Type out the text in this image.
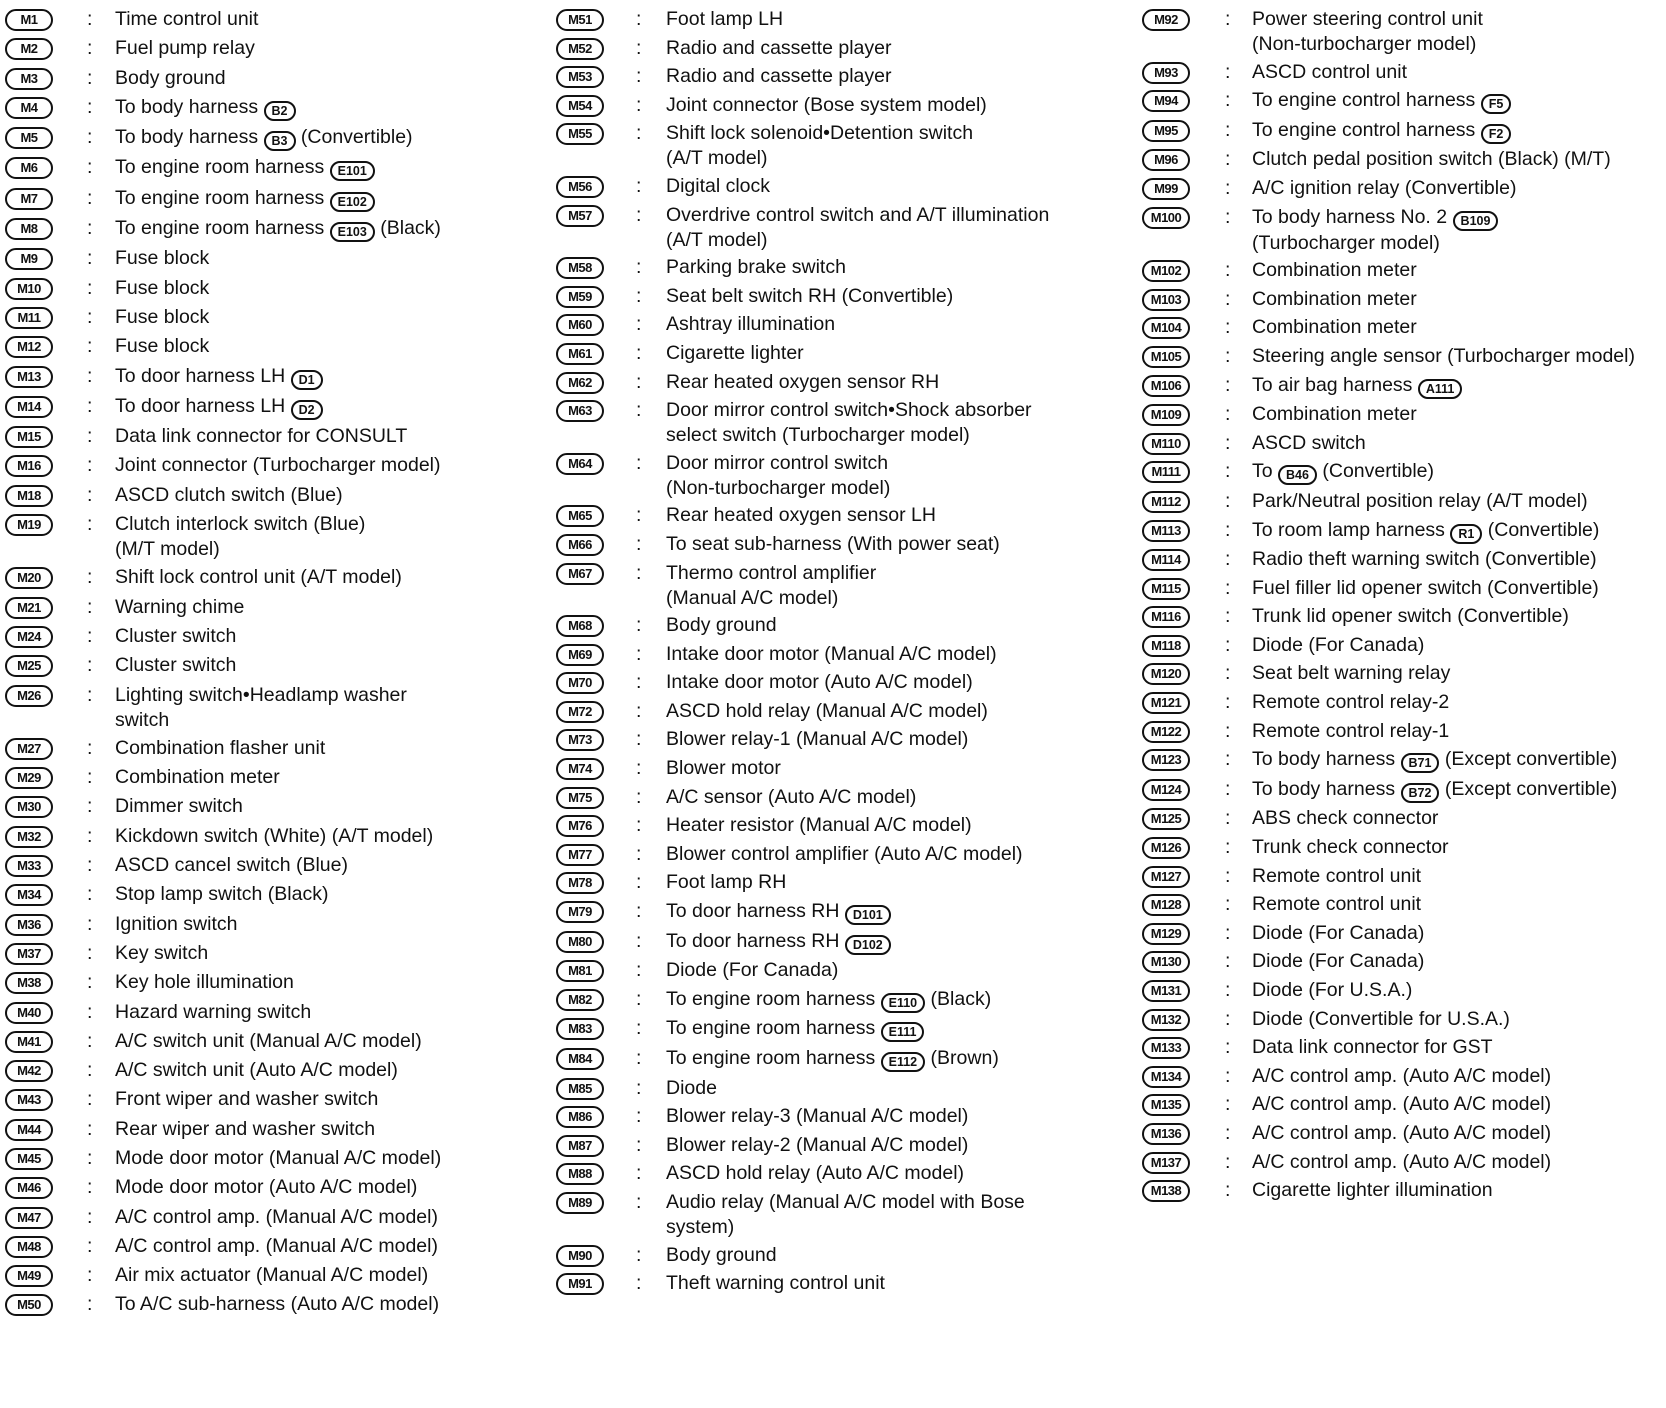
M1	: Time control unit
M2	: Fuel pump relay
M3	: Body ground
M4	: To body harness B2
M5	: To body harness B3 (Convertible)
M6	: To engine room harness E101
M7	: To engine room harness E102
M8	: To engine room harness E103 (Black)
M9	: Fuse block
M10	: Fuse block
M11	: Fuse block
M12	: Fuse block
M13	: To door harness LH D1
M14	: To door harness LH D2
M15	: Data link connector for CONSULT
M16	: Joint connector (Turbocharger model)
M18	: ASCD clutch switch (Blue)
M19	: Clutch interlock switch (Blue)
(M/T model)
M20	: Shift lock control unit (A/T model)
M21	: Warning chime
M24	: Cluster switch
M25	: Cluster switch
M26	: Lighting switch•Headlamp washer
switch
M27	: Combination flasher unit
M29	: Combination meter
M30	: Dimmer switch
M32	: Kickdown switch (White) (A/T model)
M33	: ASCD cancel switch (Blue)
M34	: Stop lamp switch (Black)
M36	: Ignition switch
M37	: Key switch
M38	: Key hole illumination
M40	: Hazard warning switch
M41	: A/C switch unit (Manual A/C model)
M42	: A/C switch unit (Auto A/C model)
M43	: Front wiper and washer switch
M44	: Rear wiper and washer switch
M45	: Mode door motor (Manual A/C model)
M46	: Mode door motor (Auto A/C model)
M47	: A/C control amp. (Manual A/C model)
M48	: A/C control amp. (Manual A/C model)
M49	: Air mix actuator (Manual A/C model)
M50	: To A/C sub-harness (Auto A/C model)
M51	: Foot lamp LH
M52	: Radio and cassette player
M53	: Radio and cassette player
M54	: Joint connector (Bose system model)
M55	: Shift lock solenoid•Detention switch
(A/T model)
M56	: Digital clock
M57	: Overdrive control switch and A/T illumination
(A/T model)
M58	: Parking brake switch
M59	: Seat belt switch RH (Convertible)
M60	: Ashtray illumination
M61	: Cigarette lighter
M62	: Rear heated oxygen sensor RH
M63	: Door mirror control switch•Shock absorber
select switch (Turbocharger model)
M64	: Door mirror control switch
(Non-turbocharger model)
M65	: Rear heated oxygen sensor LH
M66	: To seat sub-harness (With power seat)
M67	: Thermo control amplifier
(Manual A/C model)
M68	: Body ground
M69	: Intake door motor (Manual A/C model)
M70	: Intake door motor (Auto A/C model)
M72	: ASCD hold relay (Manual A/C model)
M73	: Blower relay-1 (Manual A/C model)
M74	: Blower motor
M75	: A/C sensor (Auto A/C model)
M76	: Heater resistor (Manual A/C model)
M77	: Blower control amplifier (Auto A/C model)
M78	: Foot lamp RH
M79	: To door harness RH D101
M80	: To door harness RH D102
M81	: Diode (For Canada)
M82	: To engine room harness E110 (Black)
M83	: To engine room harness E111
M84	: To engine room harness E112 (Brown)
M85	: Diode
M86	: Blower relay-3 (Manual A/C model)
M87	: Blower relay-2 (Manual A/C model)
M88	: ASCD hold relay (Auto A/C model)
M89	: Audio relay (Manual A/C model with Bose
system)
M90	: Body ground
M91	: Theft warning control unit
M92	: Power steering control unit
(Non-turbocharger model)
M93	: ASCD control unit
M94	: To engine control harness F5
M95	: To engine control harness F2
M96	: Clutch pedal position switch (Black) (M/T)
M99	: A/C ignition relay (Convertible)
M100	: To body harness No. 2 B109
(Turbocharger model)
M102	: Combination meter
M103	: Combination meter
M104	: Combination meter
M105	: Steering angle sensor (Turbocharger model)
M106	: To air bag harness A111
M109	: Combination meter
M110	: ASCD switch
M111	: To B46 (Convertible)
M112	: Park/Neutral position relay (A/T model)
M113	: To room lamp harness R1 (Convertible)
M114	: Radio theft warning switch (Convertible)
M115	: Fuel filler lid opener switch (Convertible)
M116	: Trunk lid opener switch (Convertible)
M118	: Diode (For Canada)
M120	: Seat belt warning relay
M121	: Remote control relay-2
M122	: Remote control relay-1
M123	: To body harness B71 (Except convertible)
M124	: To body harness B72 (Except convertible)
M125	: ABS check connector
M126	: Trunk check connector
M127	: Remote control unit
M128	: Remote control unit
M129	: Diode (For Canada)
M130	: Diode (For Canada)
M131	: Diode (For U.S.A.)
M132	: Diode (Convertible for U.S.A.)
M133	: Data link connector for GST
M134	: A/C control amp. (Auto A/C model)
M135	: A/C control amp. (Auto A/C model)
M136	: A/C control amp. (Auto A/C model)
M137	: A/C control amp. (Auto A/C model)
M138	: Cigarette lighter illumination
